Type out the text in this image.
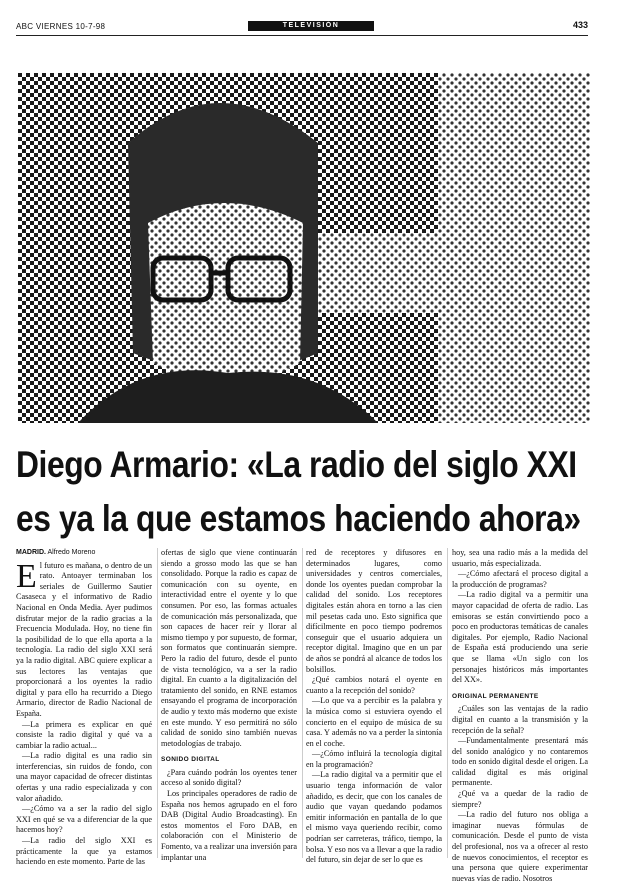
ABC VIERNES 10-7-98	TELEVISIÓN	433
Diego Armario: «La radio del siglo XXI
es ya la que estamos haciendo ahora»
MADRID. Alfredo Moreno
E l futuro es mañana, o dentro de un rato. Antoayer terminaban los seriales de Guillermo Sautier Casaseca y el informativo de Radio Nacional en Onda Media. Ayer pudimos disfrutar mejor de la radio gracias a la Frecuencia Modulada. Hoy, no tiene fin la posibilidad de lo que ella aporta a la tecnología. La radio del siglo XXI será ya la radio digital. ABC quiere explicar a sus lectores las ventajas que proporcionará a los oyentes la radio digital y para ello ha recurrido a Diego Armario, director de Radio Nacional de España.

—La primera es explicar en qué consiste la radio digital y qué va a cambiar la radio actual...

—La radio digital es una radio sin interferencias, sin ruidos de fondo, con una mayor capacidad de ofrecer distintas ofertas y una radio especializada y con valor añadido.

—¿Cómo va a ser la radio del siglo XXI en qué se va a diferenciar de la que hacemos hoy?

—La radio del siglo XXI es prácticamente la que ya estamos haciendo en este momento. Parte de las

ofertas de siglo que viene continuarán siendo a grosso modo las que se han consolidado. Porque la radio es capaz de comunicación con su oyente, en interactividad entre el oyente y lo que consumen. Por eso, las formas actuales de comunicación más personalizada, que son capaces de hacer reír y llorar al mismo tiempo y por supuesto, de formar, son formatos que continuarán siempre. Pero la radio del futuro, desde el punto de vista tecnológico, va a ser la radio digital. En cuanto a la digitalización del tratamiento del sonido, en RNE estamos ensayando el programa de incorporación de audio y texto más moderno que existe en este mundo. Y eso permitirá no sólo calidad de sonido sino también nuevas metodologías de trabajo.

SONIDO DIGITAL

¿Para cuándo podrán los oyentes tener acceso al sonido digital?

Los principales operadores de radio de España nos hemos agrupado en el foro DAB (Digital Audio Broadcasting). En estos momentos el Foro DAB, en colaboración con el Ministerio de Fomento, va a realizar una inversión para implantar una

red de receptores y difusores en determinados lugares, como universidades y centros comerciales, donde los oyentes puedan comprobar la calidad del sonido. Los receptores digitales están ahora en torno a las cien mil pesetas cada uno. Esto significa que difícilmente en poco tiempo podremos conseguir que el usuario adquiera un receptor digital. Imagino que en un par de años se pondrá al alcance de todos los bolsillos.

¿Qué cambios notará el oyente en cuanto a la recepción del sonido?

—Lo que va a percibir es la palabra y la música como si estuviera oyendo el concierto en el equipo de música de su casa. Y además no va a perder la sintonía en el coche.

—¿Cómo influirá la tecnología digital en la programación?

—La radio digital va a permitir que el usuario tenga información de valor añadido, es decir, que con los canales de audio que vayan quedando podamos emitir información en pantalla de lo que el mismo vaya queriendo recibir, como podrían ser carreteras, tráfico, tiempo, la bolsa. Y eso nos va a llevar a que la radio del futuro, sin dejar de ser lo que es

hoy, sea una radio más a la medida del usuario, más especializada.

—¿Cómo afectará el proceso digital a la producción de programas?

—La radio digital va a permitir una mayor capacidad de oferta de radio. Las emisoras se están convirtiendo poco a poco en productoras temáticas de canales digitales. Por ejemplo, Radio Nacional de España está produciendo una serie que se llama «Un siglo con los personajes históricos más importantes del XX».

ORIGINAL PERMANENTE

¿Cuáles son las ventajas de la radio digital en cuanto a la transmisión y la recepción de la señal?

—Fundamentalmente presentará más del sonido analógico y no contaremos todo en sonido digital desde el origen. La calidad digital es más original permanente.

¿Qué va a quedar de la radio de siempre?

—La radio del futuro nos obliga a imaginar nuevas fórmulas de comunicación. Desde el punto de vista del profesional, nos va a ofrecer al resto de nuevos conocimientos, el receptor es una persona que quiere experimentar nuevas vías de radio. Nosotros
